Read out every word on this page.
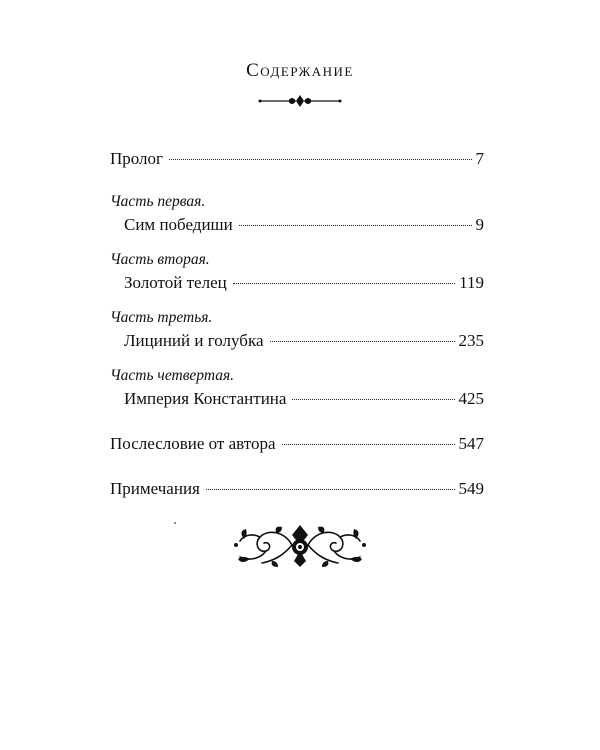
Содержание
Пролог	7
Часть первая.
Сим победиши	9
Часть вторая.
Золотой телец	119
Часть третья.
Лициний и голубка	235
Часть четвертая.
Империя Константина	425
Послесловие от автора	547
Примечания	549
